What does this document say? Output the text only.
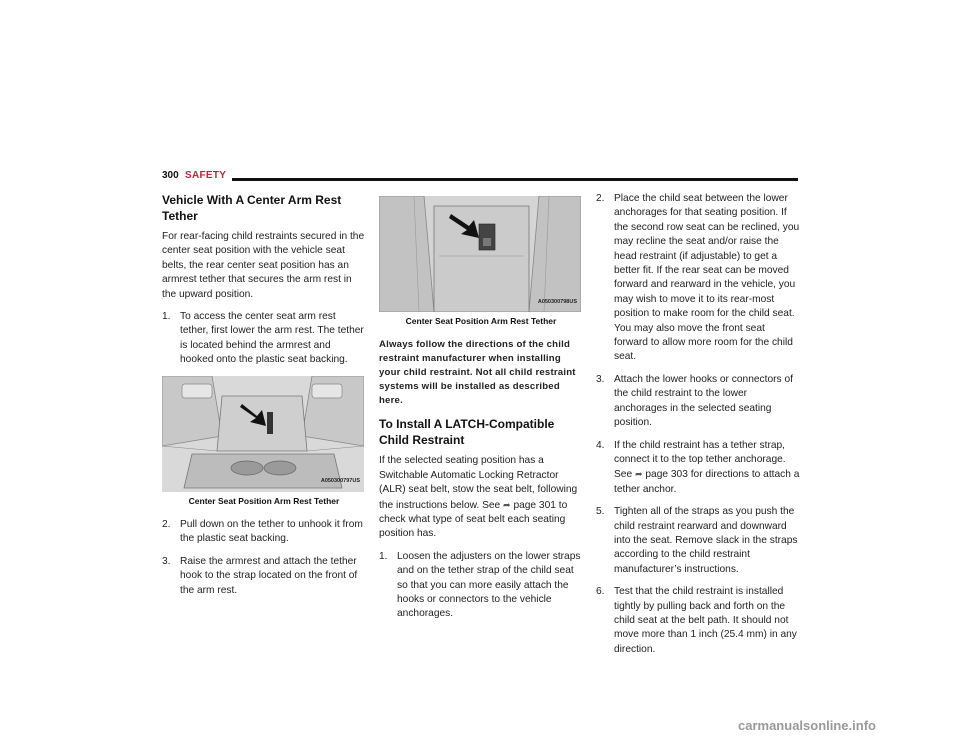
300 SAFETY
Vehicle With A Center Arm Rest Tether

For rear-facing child restraints secured in the center seat position with the vehicle seat belts, the rear center seat position has an armrest tether that secures the arm rest in the upward position.

1. To access the center seat arm rest tether, first lower the arm rest. The tether is located behind the armrest and hooked onto the plastic seat backing.
A050300797US
Center Seat Position Arm Rest Tether
2. Pull down on the tether to unhook it from the plastic seat backing.
3. Raise the armrest and attach the tether hook to the strap located on the front of the arm rest.
A050300798US
Center Seat Position Arm Rest Tether
Always follow the directions of the child restraint manufacturer when installing your child restraint. Not all child restraint systems will be installed as described here.
To Install A LATCH-Compatible Child Restraint

If the selected seating position has a Switchable Automatic Locking Retractor (ALR) seat belt, stow the seat belt, following the instructions below. See ➦ page 301 to check what type of seat belt each seating position has.

1. Loosen the adjusters on the lower straps and on the tether strap of the child seat so that you can more easily attach the hooks or connectors to the vehicle anchorages.
2. Place the child seat between the lower anchorages for that seating position. If the second row seat can be reclined, you may recline the seat and/or raise the head restraint (if adjustable) to get a better fit. If the rear seat can be moved forward and rearward in the vehicle, you may wish to move it to its rear-most position to make room for the child seat. You may also move the front seat forward to allow more room for the child seat.
3. Attach the lower hooks or connectors of the child restraint to the lower anchorages in the selected seating position.
4. If the child restraint has a tether strap, connect it to the top tether anchorage. See ➦ page 303 for directions to attach a tether anchor.
5. Tighten all of the straps as you push the child restraint rearward and downward into the seat. Remove slack in the straps according to the child restraint manufacturer’s instructions.
6. Test that the child restraint is installed tightly by pulling back and forth on the child seat at the belt path. It should not move more than 1 inch (25.4 mm) in any direction.
carmanualsonline.info
